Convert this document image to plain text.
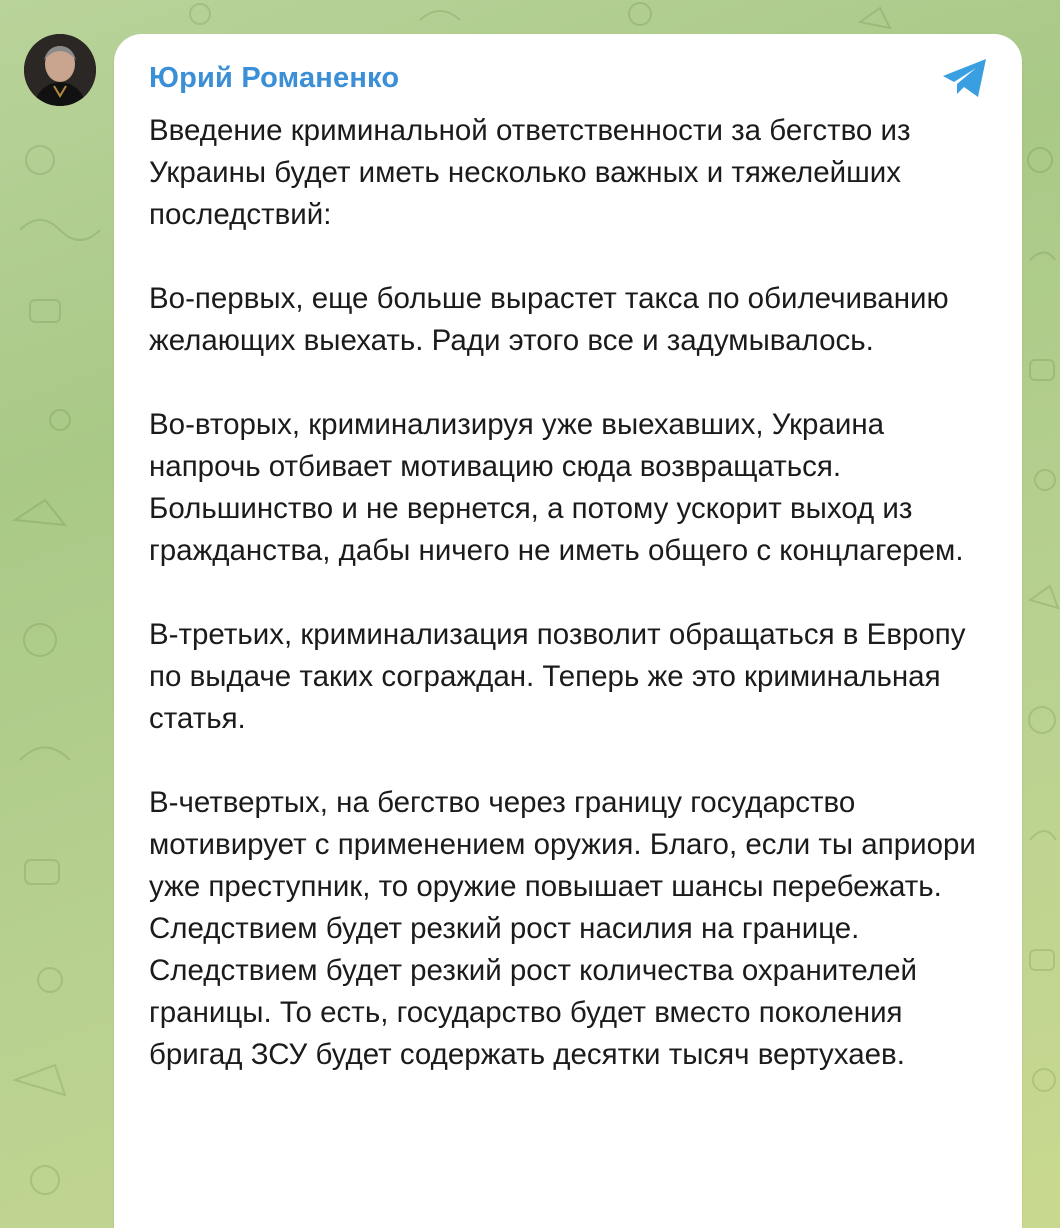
Юрий Романенко

Введение криминальной ответственности за бегство из Украины будет иметь несколько важных и тяжелейших последствий:

Во-первых, еще больше вырастет такса по обилечиванию желающих выехать. Ради этого все и задумывалось.

Во-вторых, криминализируя уже выехавших, Украина напрочь отбивает мотивацию сюда возвращаться. Большинство и не вернется, а потому ускорит выход из гражданства, дабы ничего не иметь общего с концлагерем.

В-третьих, криминализация позволит обращаться в Европу по выдаче таких сограждан. Теперь же это криминальная статья.

В-четвертых, на бегство через границу государство мотивирует с применением оружия. Благо, если ты априори уже преступник, то оружие повышает шансы перебежать. Следствием будет резкий рост насилия на границе. Следствием будет резкий рост количества охранителей границы. То есть, государство будет вместо поколения бригад ЗСУ будет содержать десятки тысяч вертухаев.
